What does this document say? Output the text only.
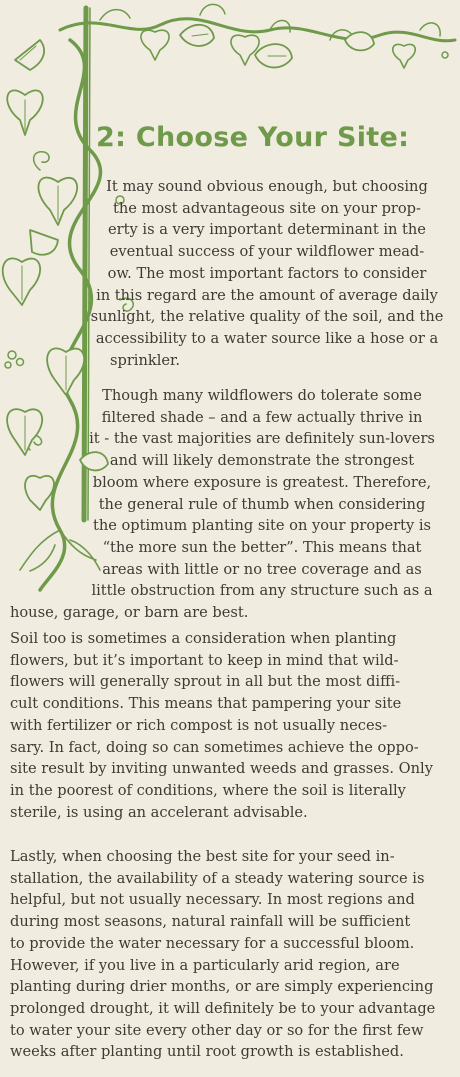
2: Choose Your Site:
It may sound obvious enough, but choosing
the most advantageous site on your prop-
erty is a very important determinant in the
eventual success of your wildflower mead-
ow. The most important factors to consider
in this regard are the amount of average daily
sunlight, the relative quality of the soil, and the
accessibility to a water source like a hose or a
sprinkler.
Though many wildflowers do tolerate some
filtered shade – and a few actually thrive in
it - the vast majorities are definitely sun-lovers
and will likely demonstrate the strongest
bloom where exposure is greatest. Therefore,
the general rule of thumb when considering
the optimum planting site on your property is
“the more sun the better”. This means that
areas with little or no tree coverage and as
little obstruction from any structure such as a
house, garage, or barn are best.
Soil too is sometimes a consideration when planting
flowers, but it’s important to keep in mind that wild-
flowers will generally sprout in all but the most diffi-
cult conditions. This means that pampering your site
with fertilizer or rich compost is not usually neces-
sary. In fact, doing so can sometimes achieve the oppo-
site result by inviting unwanted weeds and grasses. Only
in the poorest of conditions, where the soil is literally
sterile, is using an accelerant advisable.
Lastly, when choosing the best site for your seed in-
stallation, the availability of a steady watering source is
helpful, but not usually necessary. In most regions and
during most seasons, natural rainfall will be sufficient
to provide the water necessary for a successful bloom.
However, if you live in a particularly arid region, are
planting during drier months, or are simply experiencing
prolonged drought, it will definitely be to your advantage
to water your site every other day or so for the first few
weeks after planting until root growth is established.
